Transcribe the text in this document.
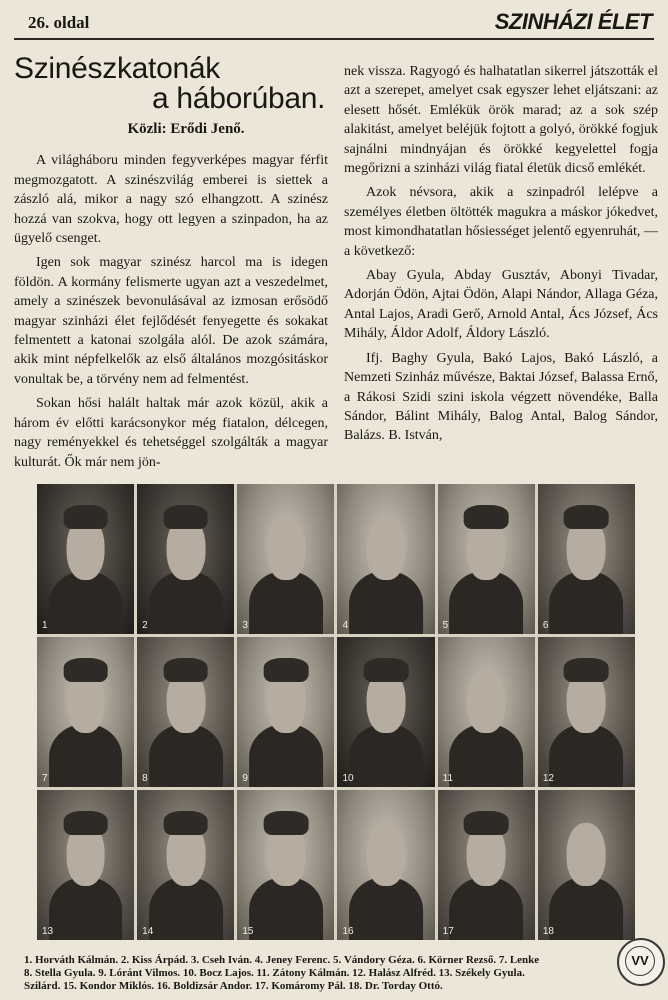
26. oldal	SZINHÁZI ÉLET
Szinészkatonák
a háborúban.
Közli: Erődi Jenő.

A világháboru minden fegyverképes magyar férfit megmozgatott. A szinészvilág emberei is siettek a zászló alá, mikor a nagy szó elhangzott. A szinész hozzá van szokva, hogy ott legyen a szinpadon, ha az ügyelő csenget.

Igen sok magyar szinész harcol ma is idegen földön. A kormány felismerte ugyan azt a veszedelmet, amely a szinészek bevonulásával az izmosan erősödő magyar szinházi élet fejlődését fenyegette és sokakat felmentett a katonai szolgála alól. De azok számára, akik mint népfelkelők az első általános mozgósitáskor vonultak be, a törvény nem ad felmentést.

Sokan hősi halált haltak már azok közül, akik a három év előtti karácsonykor még fiatalon, délcegen, nagy reményekkel és tehetséggel szolgálták a magyar kulturát. Ők már nem jön-

nek vissza. Ragyogó és halhatatlan sikerrel játszották el azt a szerepet, amelyet csak egyszer lehet eljátszani: az elesett hősét. Emlékük örök marad; az a sok szép alakitást, amelyet beléjük fojtott a golyó, örökké fogjuk sajnálni mindnyájan és örökké kegyelettel fogja megőrizni a szinházi világ fiatal életük dicső emlékét.

Azok névsora, akik a szinpadról lelépve a személyes életben öltötték magukra a máskor jókedvet, most kimondhatatlan hősiességet jelentő egyenruhát, — a következő:

Abay Gyula, Abday Gusztáv, Abonyi Tivadar, Adorján Ödön, Ajtai Ödön, Alapi Nándor, Allaga Géza, Antal Lajos, Aradi Gerő, Arnold Antal, Ács József, Ács Mihály, Áldor Adolf, Áldory László.

Ifj. Baghy Gyula, Bakó Lajos, Bakó László, a Nemzeti Szinház művésze, Baktai József, Balassa Ernő, a Rákosi Szidi szini iskola végzett növendéke, Balla Sándor, Bálint Mihály, Balog Antal, Balog Sándor, Balázs. B. István,

1	2	3	4	5	6
7	8	9	10	11	12
13	14	15	16	17	18
1. Horváth Kálmán. 2. Kiss Árpád. 3. Cseh Iván. 4. Jeney Ferenc. 5. Vándory Géza. 6. Körner Rezső. 7. Lenke
8. Stella Gyula. 9. Lóránt Vilmos. 10. Bocz Lajos. 11. Zátony Kálmán. 12. Halász Alfréd. 13. Székely Gyula.
Szilárd. 15. Kondor Miklós. 16. Boldizsár Andor. 17. Komáromy Pál. 18. Dr. Torday Ottó.
VV
